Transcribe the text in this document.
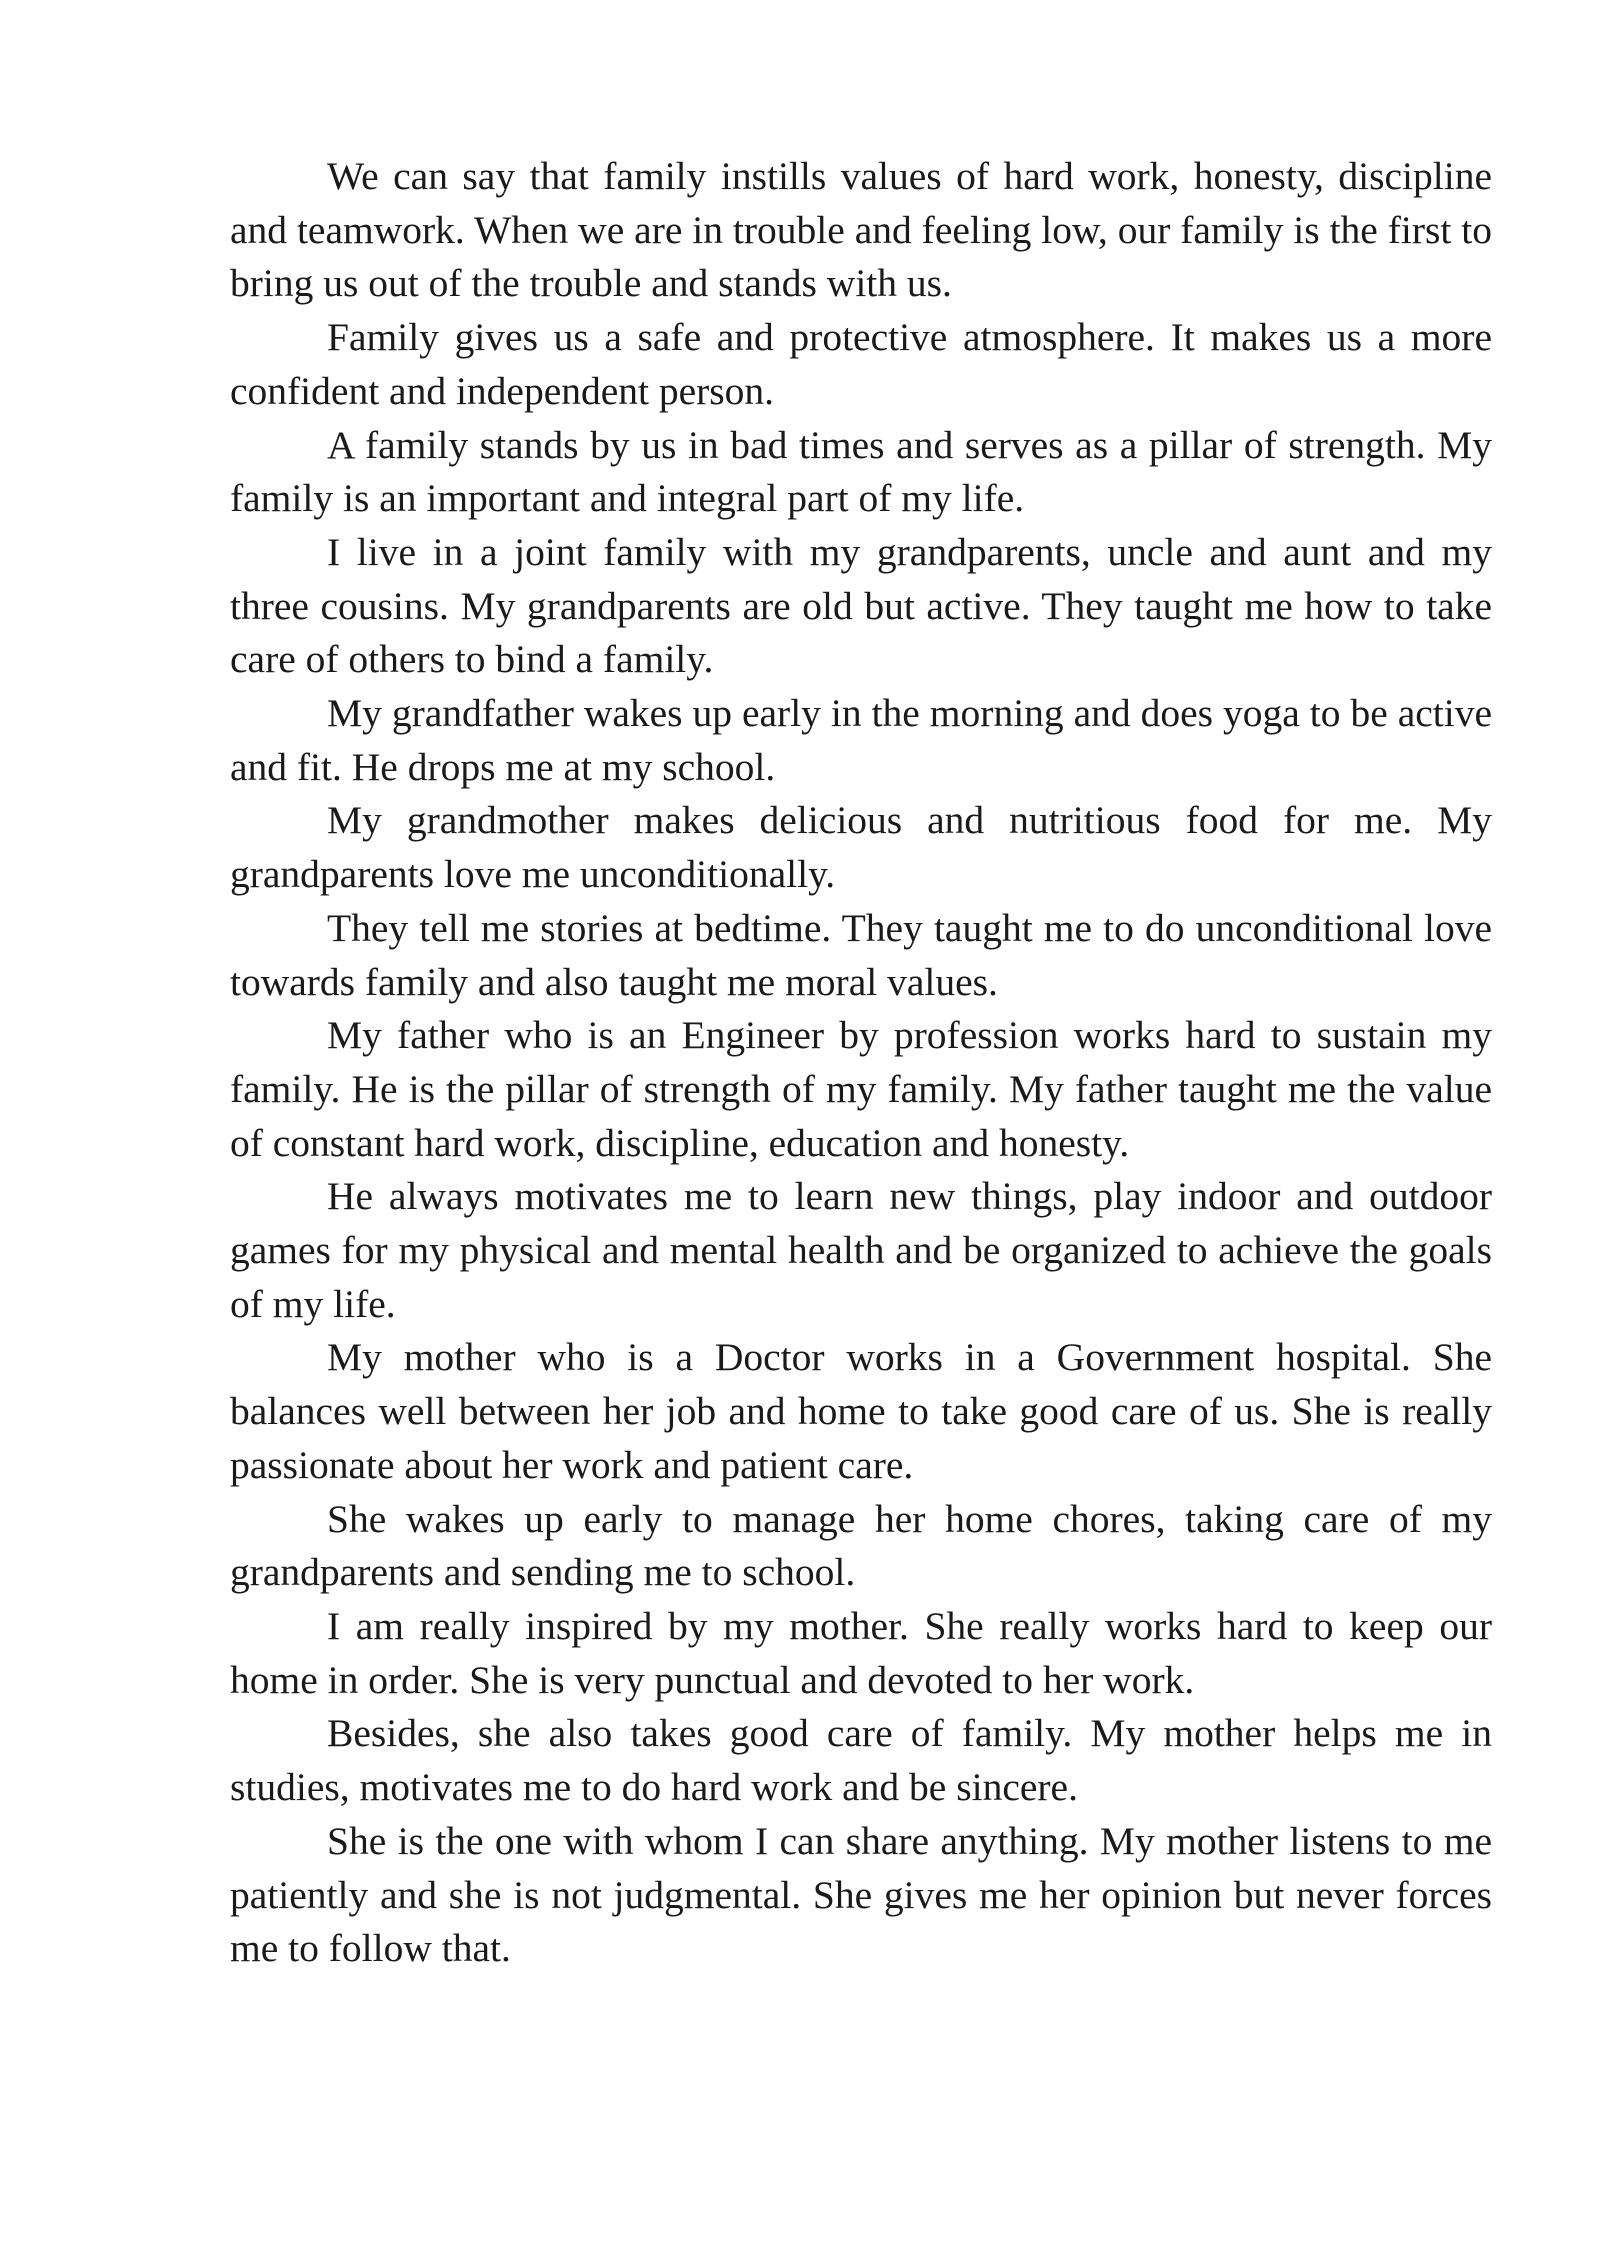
We can say that family instills values of hard work, honesty, discipline and teamwork. When we are in trouble and feeling low, our family is the first to bring us out of the trouble and stands with us.

Family gives us a safe and protective atmosphere. It makes us a more confident and independent person.

A family stands by us in bad times and serves as a pillar of strength. My family is an important and integral part of my life.

I live in a joint family with my grandparents, uncle and aunt and my three cousins. My grandparents are old but active. They taught me how to take care of others to bind a family.

My grandfather wakes up early in the morning and does yoga to be active and fit. He drops me at my school.

My grandmother makes delicious and nutritious food for me. My grandparents love me unconditionally.

They tell me stories at bedtime. They taught me to do unconditional love towards family and also taught me moral values.

My father who is an Engineer by profession works hard to sustain my family. He is the pillar of strength of my family. My father taught me the value of constant hard work, discipline, education and honesty.

He always motivates me to learn new things, play indoor and outdoor games for my physical and mental health and be organized to achieve the goals of my life.

My mother who is a Doctor works in a Government hospital. She balances well between her job and home to take good care of us. She is really passionate about her work and patient care.

She wakes up early to manage her home chores, taking care of my grandparents and sending me to school.

I am really inspired by my mother. She really works hard to keep our home in order. She is very punctual and devoted to her work.

Besides, she also takes good care of family. My mother helps me in studies, motivates me to do hard work and be sincere.

She is the one with whom I can share anything. My mother listens to me patiently and she is not judgmental. She gives me her opinion but never forces me to follow that.
